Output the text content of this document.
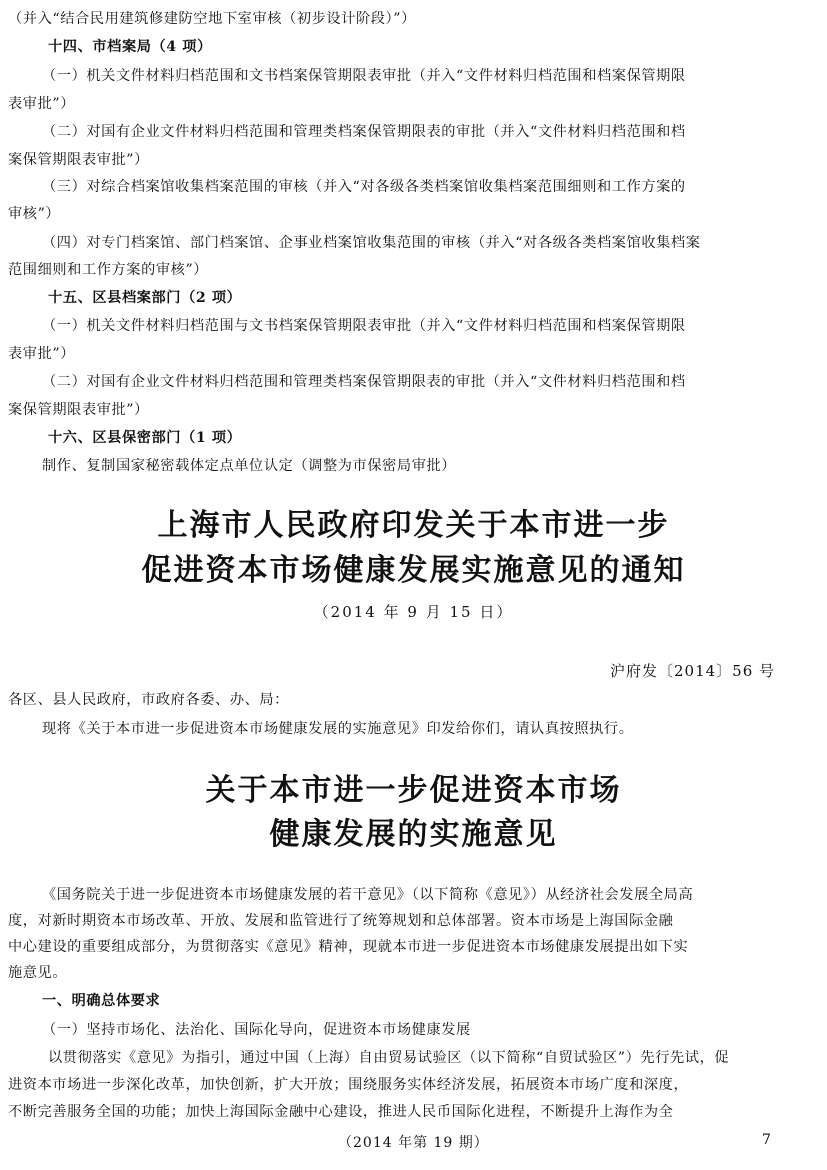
（并入“结合民用建筑修建防空地下室审核（初步设计阶段）”）
十四、市档案局（4 项）
（一）机关文件材料归档范围和文书档案保管期限表审批（并入“文件材料归档范围和档案保管期限
表审批”）
（二）对国有企业文件材料归档范围和管理类档案保管期限表的审批（并入“文件材料归档范围和档
案保管期限表审批”）
（三）对综合档案馆收集档案范围的审核（并入“对各级各类档案馆收集档案范围细则和工作方案的
审核”）
（四）对专门档案馆、部门档案馆、企事业档案馆收集范围的审核（并入“对各级各类档案馆收集档案
范围细则和工作方案的审核”）
十五、区县档案部门（2 项）
（一）机关文件材料归档范围与文书档案保管期限表审批（并入“文件材料归档范围和档案保管期限
表审批”）
（二）对国有企业文件材料归档范围和管理类档案保管期限表的审批（并入“文件材料归档范围和档
案保管期限表审批”）
十六、区县保密部门（1 项）
制作、复制国家秘密载体定点单位认定（调整为市保密局审批）
上海市人民政府印发关于本市进一步
促进资本市场健康发展实施意见的通知
（2014 年 9 月 15 日）
沪府发〔2014〕56 号
各区、县人民政府，市政府各委、办、局：
现将《关于本市进一步促进资本市场健康发展的实施意见》印发给你们，请认真按照执行。
关于本市进一步促进资本市场
健康发展的实施意见
《国务院关于进一步促进资本市场健康发展的若干意见》（以下简称《意见》）从经济社会发展全局高
度，对新时期资本市场改革、开放、发展和监管进行了统筹规划和总体部署。资本市场是上海国际金融
中心建设的重要组成部分，为贯彻落实《意见》精神，现就本市进一步促进资本市场健康发展提出如下实
施意见。
一、明确总体要求
（一）坚持市场化、法治化、国际化导向，促进资本市场健康发展
以贯彻落实《意见》为指引，通过中国（上海）自由贸易试验区（以下简称“自贸试验区”）先行先试，促
进资本市场进一步深化改革，加快创新，扩大开放；围绕服务实体经济发展，拓展资本市场广度和深度，
不断完善服务全国的功能；加快上海国际金融中心建设，推进人民币国际化进程，不断提升上海作为全
（2014 年第 19 期）	7
